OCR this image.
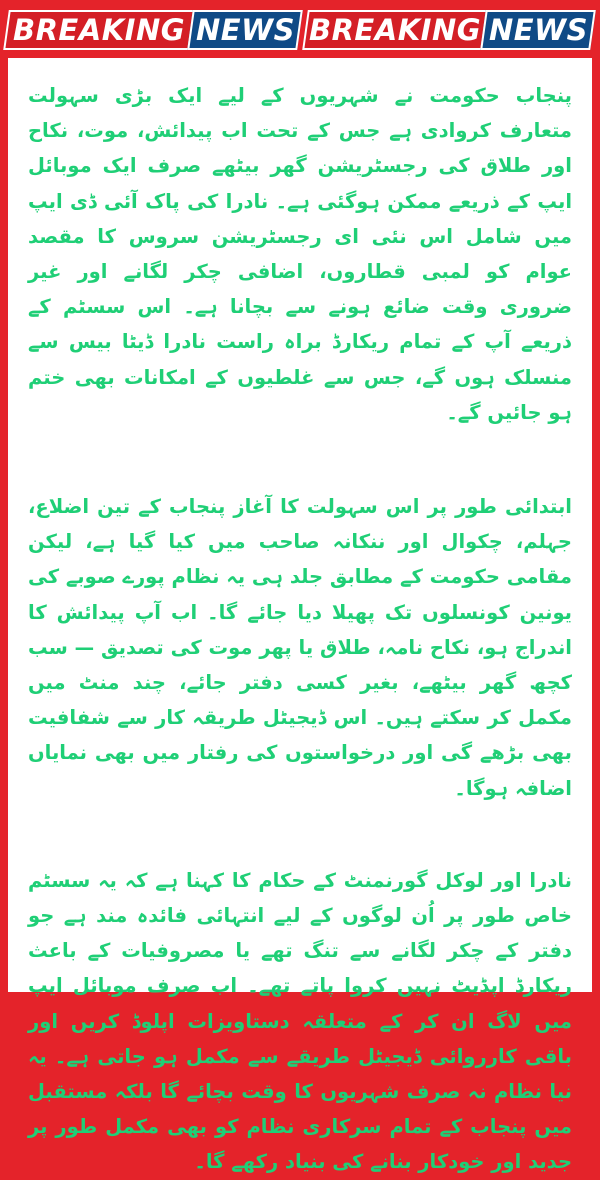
BREAKING NEWS BREAKING NEWS

پنجاب حکومت نے شہریوں کے لیے ایک بڑی سہولت متعارف کروادی ہے جس کے تحت اب پیدائش، موت، نکاح اور طلاق کی رجسٹریشن گھر بیٹھے صرف ایک موبائل ایپ کے ذریعے ممکن ہوگئی ہے۔ نادرا کی پاک آئی ڈی ایپ میں شامل اس نئی ای رجسٹریشن سروس کا مقصد عوام کو لمبی قطاروں، اضافی چکر لگانے اور غیر ضروری وقت ضائع ہونے سے بچانا ہے۔ اس سسٹم کے ذریعے آپ کے تمام ریکارڈ براہ راست نادرا ڈیٹا بیس سے منسلک ہوں گے، جس سے غلطیوں کے امکانات بھی ختم ہو جائیں گے۔

ابتدائی طور پر اس سہولت کا آغاز پنجاب کے تین اضلاع، جہلم، چکوال اور ننکانہ صاحب میں کیا گیا ہے، لیکن مقامی حکومت کے مطابق جلد ہی یہ نظام پورے صوبے کی یونین کونسلوں تک پھیلا دیا جائے گا۔ اب آپ پیدائش کا اندراج ہو، نکاح نامہ، طلاق یا پھر موت کی تصدیق — سب کچھ گھر بیٹھے، بغیر کسی دفتر جائے، چند منٹ میں مکمل کر سکتے ہیں۔ اس ڈیجیٹل طریقہ کار سے شفافیت بھی بڑھے گی اور درخواستوں کی رفتار میں بھی نمایاں اضافہ ہوگا۔

نادرا اور لوکل گورنمنٹ کے حکام کا کہنا ہے کہ یہ سسٹم خاص طور پر اُن لوگوں کے لیے انتہائی فائدہ مند ہے جو دفتر کے چکر لگانے سے تنگ تھے یا مصروفیات کے باعث ریکارڈ اپڈیٹ نہیں کروا پاتے تھے۔ اب صرف موبائل ایپ میں لاگ ان کر کے متعلقہ دستاویزات اپلوڈ کریں اور باقی کارروائی ڈیجیٹل طریقے سے مکمل ہو جاتی ہے۔ یہ نیا نظام نہ صرف شہریوں کا وقت بچائے گا بلکہ مستقبل میں پنجاب کے تمام سرکاری نظام کو بھی مکمل طور پر جدید اور خودکار بنانے کی بنیاد رکھے گا۔
